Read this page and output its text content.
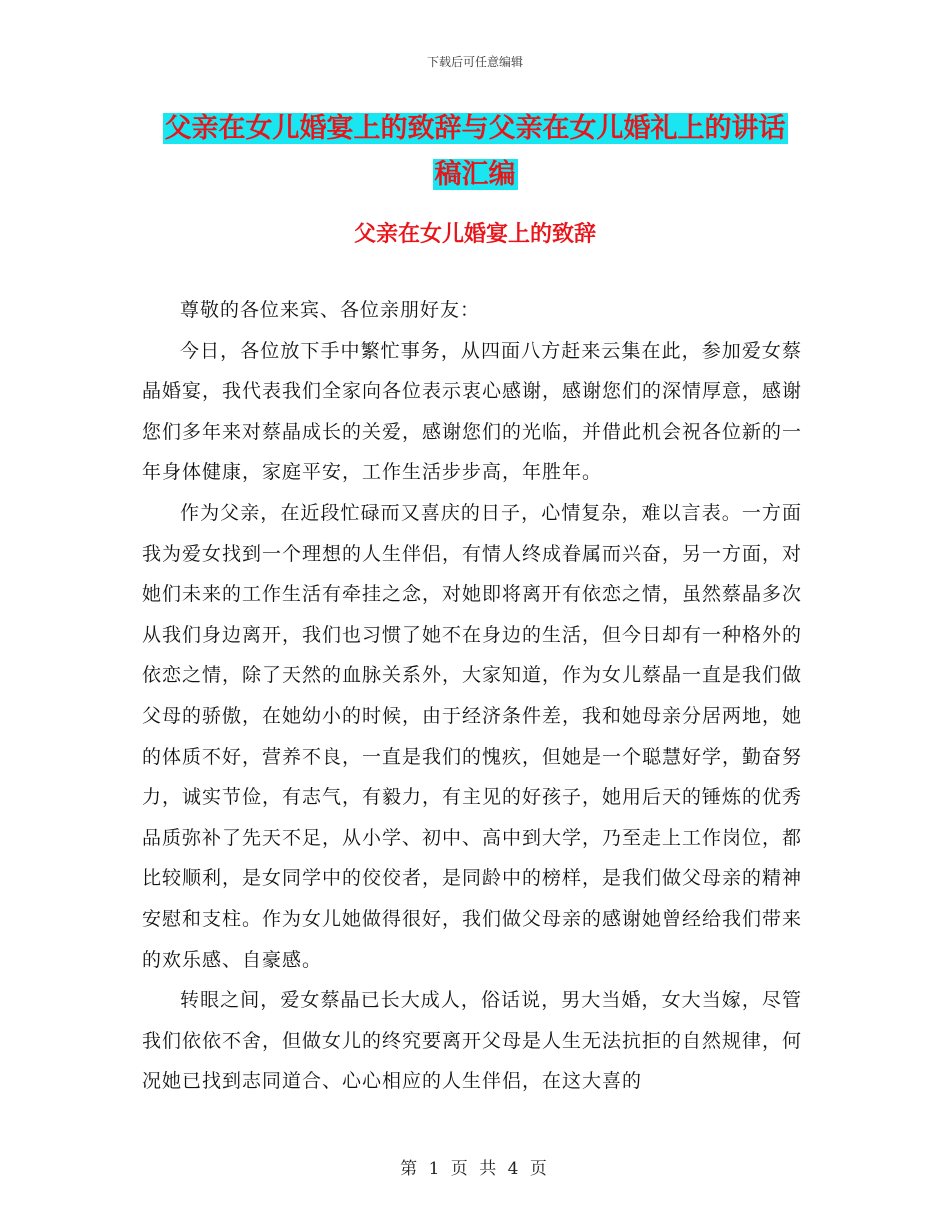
下载后可任意编辑
父亲在女儿婚宴上的致辞与父亲在女儿婚礼上的讲话
稿汇编
父亲在女儿婚宴上的致辞

尊敬的各位来宾、各位亲朋好友：

今日，各位放下手中繁忙事务，从四面八方赶来云集在此，参加爱女蔡晶婚宴，我代表我们全家向各位表示衷心感谢，感谢您们的深情厚意，感谢您们多年来对蔡晶成长的关爱，感谢您们的光临，并借此机会祝各位新的一年身体健康，家庭平安，工作生活步步高，年胜年。

作为父亲，在近段忙碌而又喜庆的日子，心情复杂，难以言表。一方面我为爱女找到一个理想的人生伴侣，有情人终成眷属而兴奋，另一方面，对她们未来的工作生活有牵挂之念，对她即将离开有依恋之情，虽然蔡晶多次从我们身边离开，我们也习惯了她不在身边的生活，但今日却有一种格外的依恋之情，除了天然的血脉关系外，大家知道，作为女儿蔡晶一直是我们做父母的骄傲，在她幼小的时候，由于经济条件差，我和她母亲分居两地，她的体质不好，营养不良，一直是我们的愧疚，但她是一个聪慧好学，勤奋努力，诚实节俭，有志气，有毅力，有主见的好孩子，她用后天的锤炼的优秀品质弥补了先天不足，从小学、初中、高中到大学，乃至走上工作岗位，都比较顺利，是女同学中的佼佼者，是同龄中的榜样，是我们做父母亲的精神安慰和支柱。作为女儿她做得很好，我们做父母亲的感谢她曾经给我们带来的欢乐感、自豪感。

转眼之间，爱女蔡晶已长大成人，俗话说，男大当婚，女大当嫁，尽管我们依依不舍，但做女儿的终究要离开父母是人生无法抗拒的自然规律，何况她已找到志同道合、心心相应的人生伴侣，在这大喜的

第 1 页 共 4 页
